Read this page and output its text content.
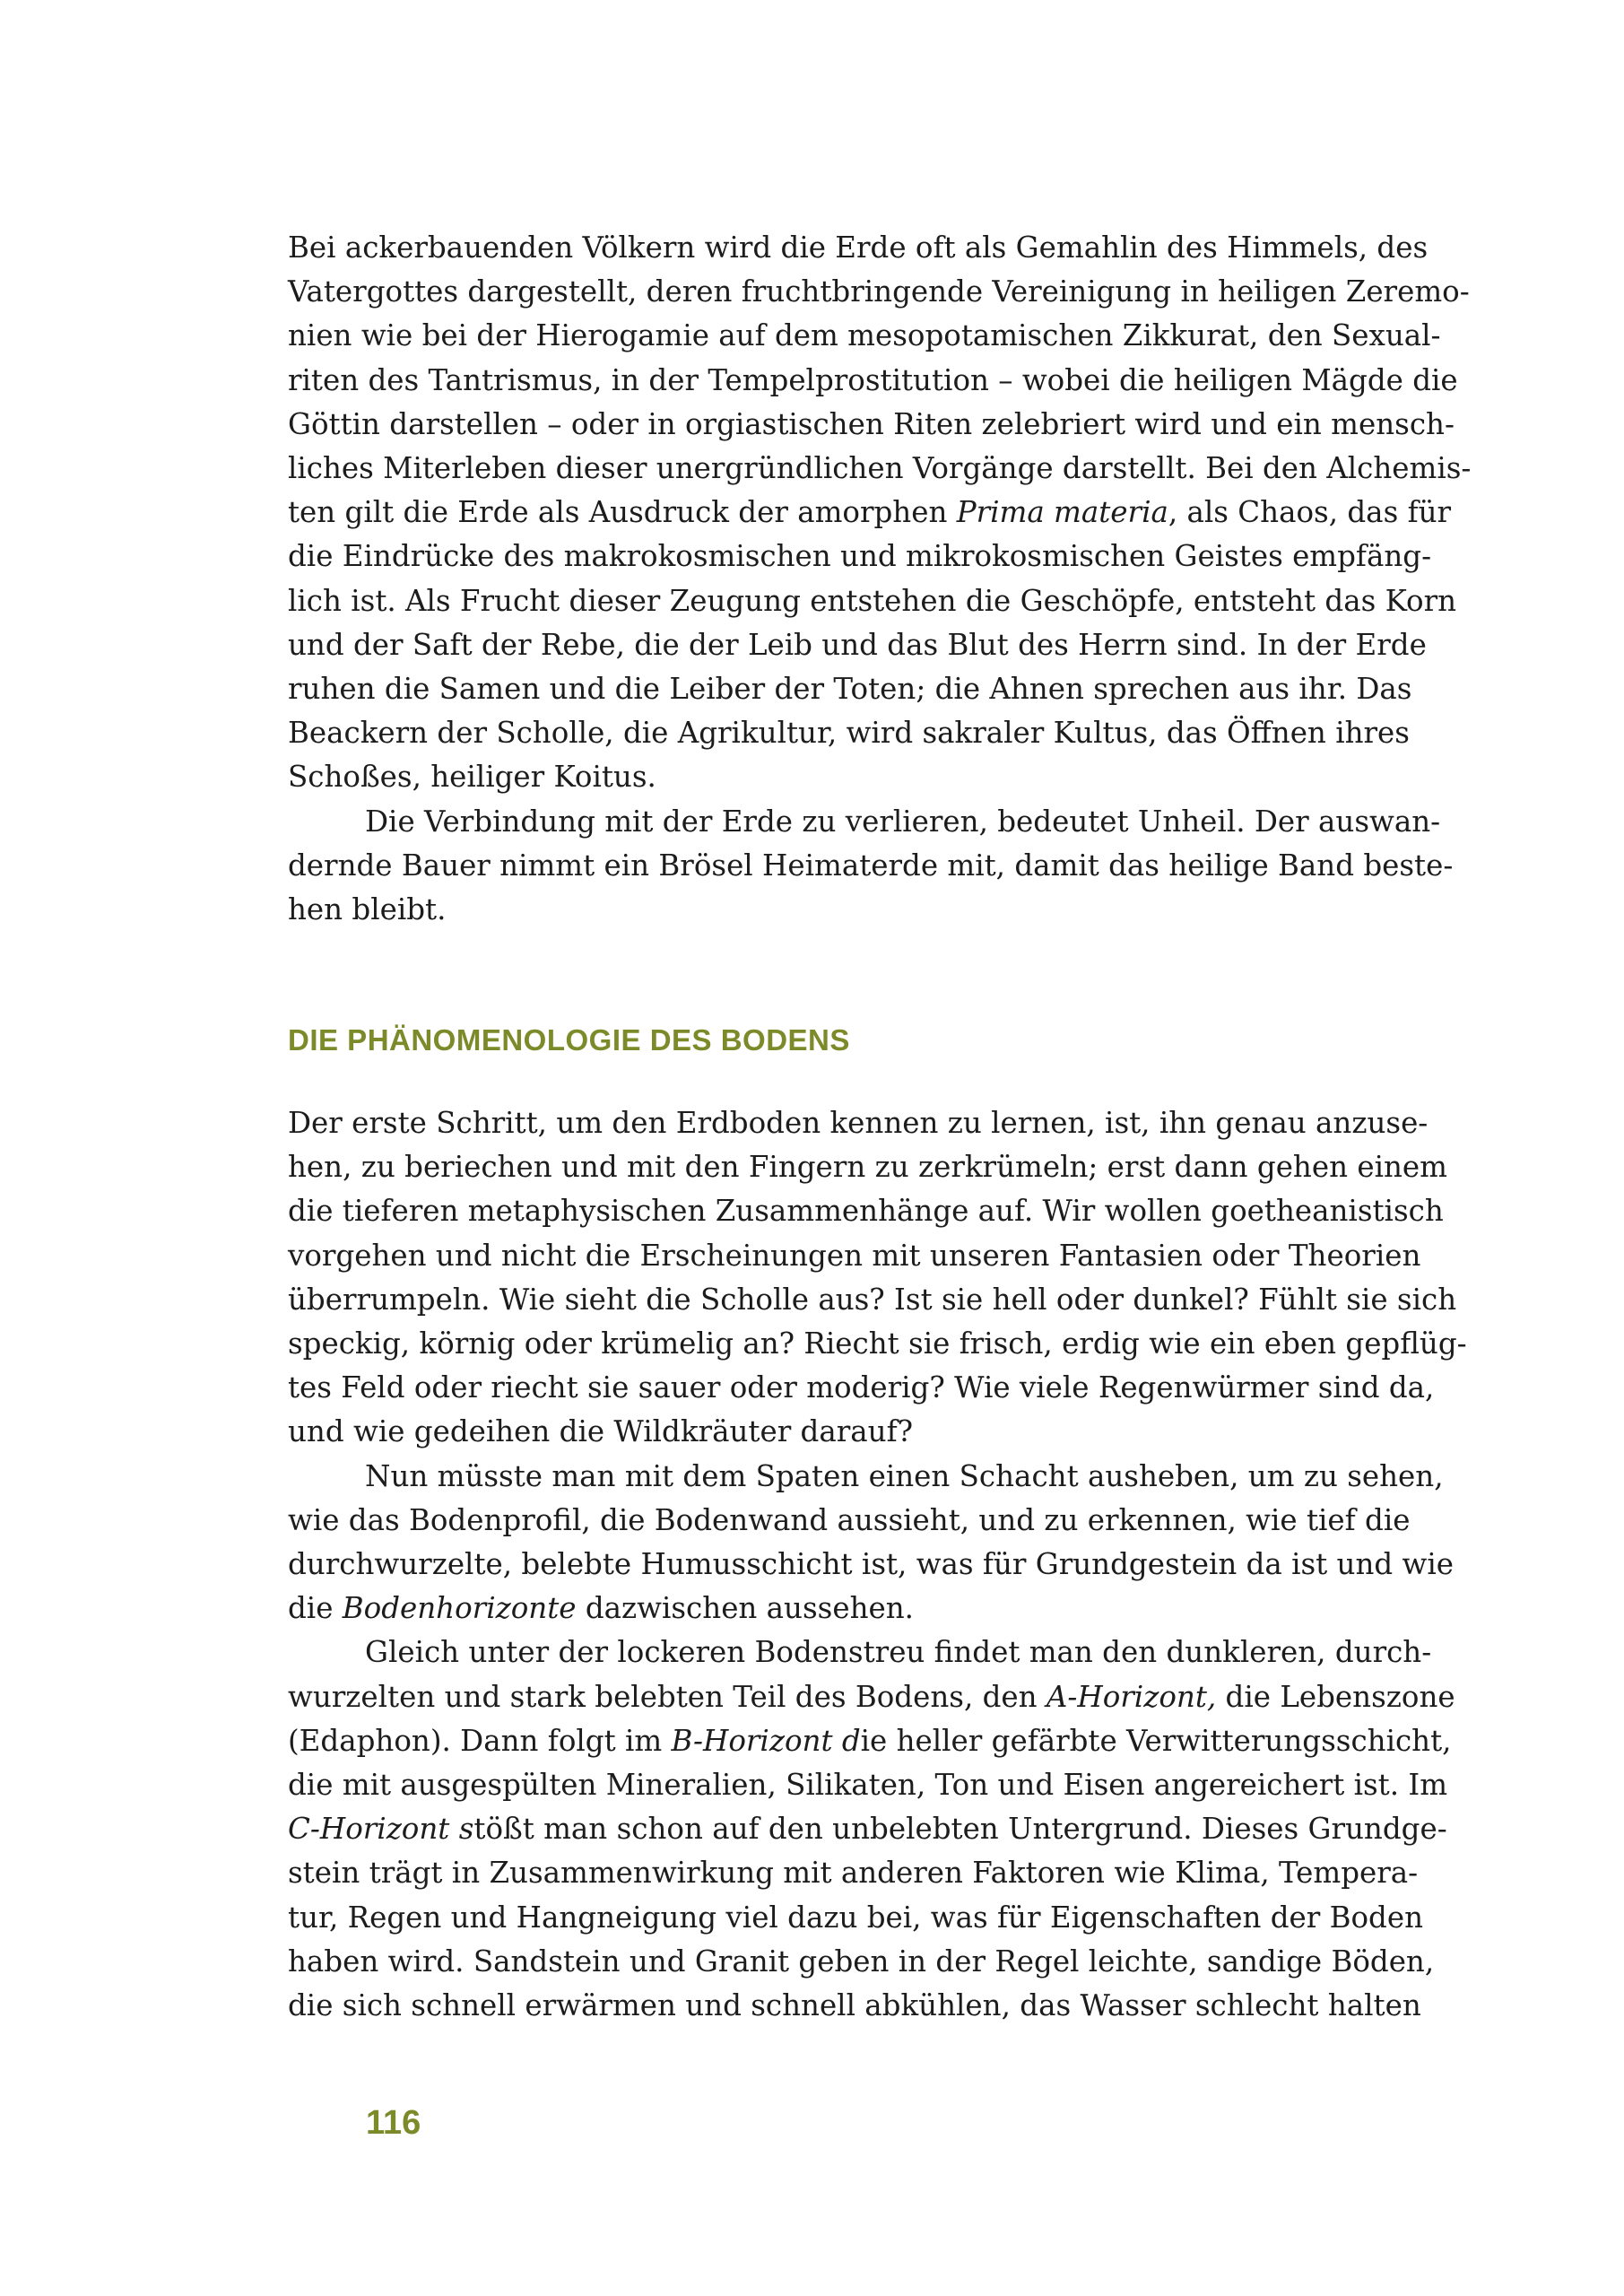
Bei ackerbauenden Völkern wird die Erde oft als Gemahlin des Himmels, des
Vatergottes dargestellt, deren fruchtbringende Vereinigung in heiligen Zeremo-
nien wie bei der Hierogamie auf dem mesopotamischen Zikkurat, den Sexual-
riten des Tantrismus, in der Tempelprostitution – wobei die heiligen Mägde die
Göttin darstellen – oder in orgiastischen Riten zelebriert wird und ein mensch-
liches Miterleben dieser unergründlichen Vorgänge darstellt. Bei den Alchemis-
ten gilt die Erde als Ausdruck der amorphen Prima materia, als Chaos, das für
die Eindrücke des makrokosmischen und mikrokosmischen Geistes empfäng-
lich ist. Als Frucht dieser Zeugung entstehen die Geschöpfe, entsteht das Korn
und der Saft der Rebe, die der Leib und das Blut des Herrn sind. In der Erde
ruhen die Samen und die Leiber der Toten; die Ahnen sprechen aus ihr. Das
Beackern der Scholle, die Agrikultur, wird sakraler Kultus, das Öffnen ihres
Schoßes, heiliger Koitus.
Die Verbindung mit der Erde zu verlieren, bedeutet Unheil. Der auswan-
dernde Bauer nimmt ein Brösel Heimaterde mit, damit das heilige Band beste-
hen bleibt.
DIE PHÄNOMENOLOGIE DES BODENS
Der erste Schritt, um den Erdboden kennen zu lernen, ist, ihn genau anzuse-
hen, zu beriechen und mit den Fingern zu zerkrümeln; erst dann gehen einem
die tieferen metaphysischen Zusammenhänge auf. Wir wollen goetheanistisch
vorgehen und nicht die Erscheinungen mit unseren Fantasien oder Theorien
überrumpeln. Wie sieht die Scholle aus? Ist sie hell oder dunkel? Fühlt sie sich
speckig, körnig oder krümelig an? Riecht sie frisch, erdig wie ein eben gepflüg-
tes Feld oder riecht sie sauer oder moderig? Wie viele Regenwürmer sind da,
und wie gedeihen die Wildkräuter darauf?
Nun müsste man mit dem Spaten einen Schacht ausheben, um zu sehen,
wie das Bodenprofil, die Bodenwand aussieht, und zu erkennen, wie tief die
durchwurzelte, belebte Humusschicht ist, was für Grundgestein da ist und wie
die Bodenhorizonte dazwischen aussehen.
Gleich unter der lockeren Bodenstreu findet man den dunkleren, durch-
wurzelten und stark belebten Teil des Bodens, den A-Horizont, die Lebenszone
(Edaphon). Dann folgt im B-Horizont die heller gefärbte Verwitterungsschicht,
die mit ausgespülten Mineralien, Silikaten, Ton und Eisen angereichert ist. Im
C-Horizont stößt man schon auf den unbelebten Untergrund. Dieses Grundge-
stein trägt in Zusammenwirkung mit anderen Faktoren wie Klima, Tempera-
tur, Regen und Hangneigung viel dazu bei, was für Eigenschaften der Boden
haben wird. Sandstein und Granit geben in der Regel leichte, sandige Böden,
die sich schnell erwärmen und schnell abkühlen, das Wasser schlecht halten
116
